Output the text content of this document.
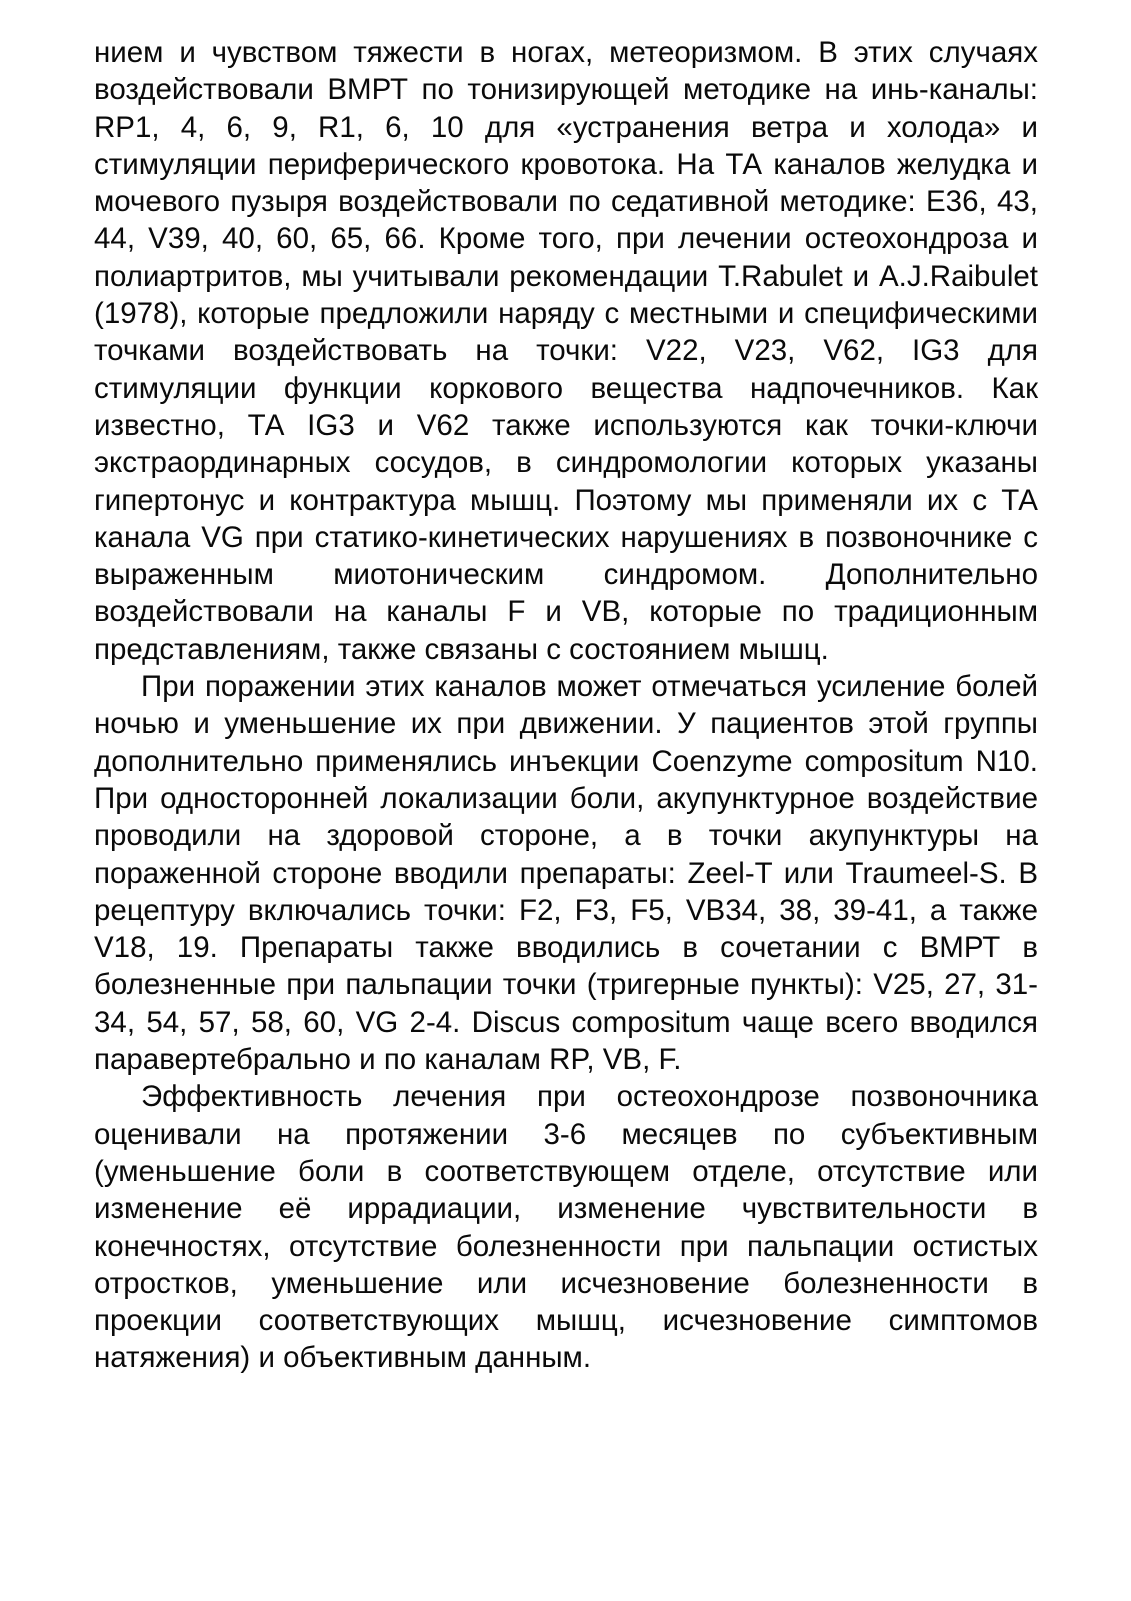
нием и чувством тяжести в ногах, метеоризмом. В этих случаях воздействовали ВМРТ по тонизирующей методике на инь-каналы: RP1, 4, 6, 9, R1, 6, 10 для «устранения ветра и холода» и стимуляции периферического кровотока. На ТА каналов желудка и мочевого пузыря воздействовали по седативной методике: Е36, 43, 44, V39, 40, 60, 65, 66. Кроме того, при лечении остеохондроза и полиартритов, мы учитывали рекомендации T.Rabulet и A.J.Raibulet (1978), которые предложили наряду с местными и специфическими точками воздействовать на точки: V22, V23, V62, IG3 для стимуляции функции коркового вещества надпочечников. Как известно, ТА IG3 и V62 также используются как точки-ключи экстраординарных сосудов, в синдромологии которых указаны гипертонус и контрактура мышц. Поэтому мы применяли их с ТА канала VG при статико-кинетических нарушениях в позвоночнике с выраженным миотоническим синдромом. Дополнительно воздействовали на каналы F и VB, которые по традиционным представлениям, также связаны с состоянием мышц.

При поражении этих каналов может отмечаться усиление болей ночью и уменьшение их при движении. У пациентов этой группы дополнительно применялись инъекции Coenzyme compositum N10. При односторонней локализации боли, акупунктурное воздействие проводили на здоровой стороне, а в точки акупунктуры на пораженной стороне вводили препараты: Zeel-T или Traumeel-S. В рецептуру включались точки: F2, F3, F5, VB34, 38, 39-41, а также V18, 19. Препараты также вводились в сочетании с ВМРТ в болезненные при пальпации точки (тригерные пункты): V25, 27, 31-34, 54, 57, 58, 60, VG 2-4. Discus compositum чаще всего вводился паравертебрально и по каналам RP, VB, F.

Эффективность лечения при остеохондрозе позвоночника оценивали на протяжении 3-6 месяцев по субъективным (уменьшение боли в соответствующем отделе, отсутствие или изменение её иррадиации, изменение чувствительности в конечностях, отсутствие болезненности при пальпации остистых отростков, уменьшение или исчезновение болезненности в проекции соответствующих мышц, исчезновение симптомов натяжения) и объективным данным.
